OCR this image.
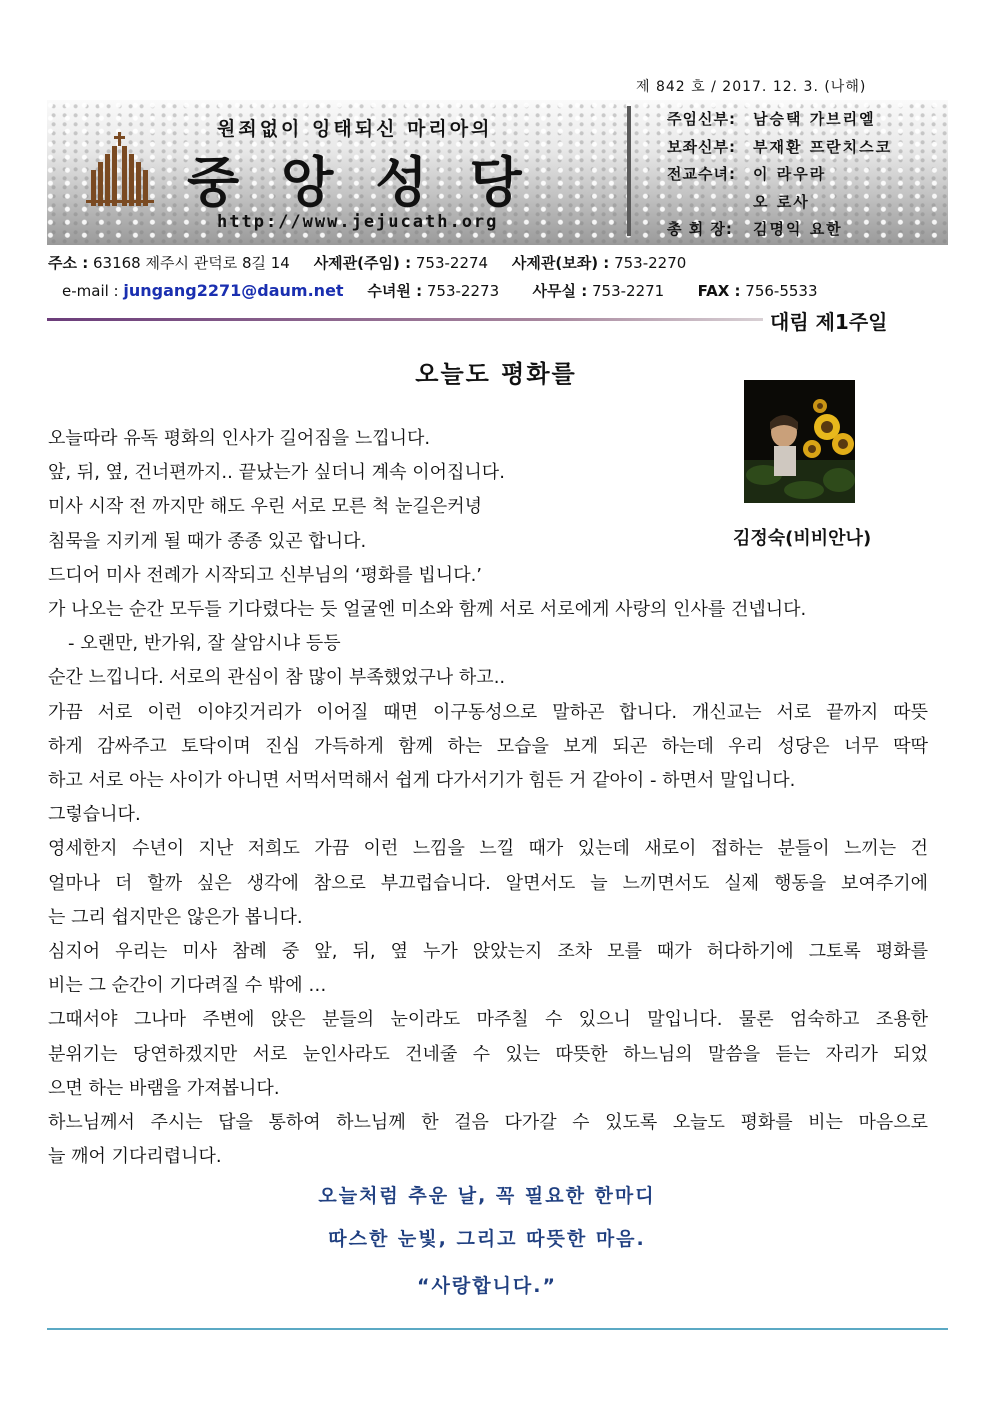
제 842 호 / 2017. 12. 3. (나해)
원죄없이 잉태되신 마리아의
중앙성당
http://www.jejucath.org
주임신부:	남승택 가브리엘
보좌신부:	부재환 프란치스코
전교수녀:	이 라우라
오 로사
총 회 장:	김명익 요한
주소 : 63168 제주시 관덕로 8길 14 사제관(주임) : 753-2274 사제관(보좌) : 753-2270
e-mail : jungang2271@daum.net 수녀원 : 753-2273 사무실 : 753-2271 FAX : 756-5533
대림 제1주일
오늘도 평화를
김정숙(비비안나)
오늘따라 유독 평화의 인사가 길어짐을 느낍니다.
앞, 뒤, 옆, 건너편까지.. 끝났는가 싶더니 계속 이어집니다.
미사 시작 전 까지만 해도 우린 서로 모른 척 눈길은커녕
침묵을 지키게 될 때가 종종 있곤 합니다.
드디어 미사 전례가 시작되고 신부님의 ‘평화를 빕니다.’
가 나오는 순간 모두들 기다렸다는 듯 얼굴엔 미소와 함께 서로 서로에게 사랑의 인사를 건넵니다.
- 오랜만, 반가워, 잘 살암시냐 등등
순간 느낍니다. 서로의 관심이 참 많이 부족했었구나 하고..
가끔 서로 이런 이야깃거리가 이어질 때면 이구동성으로 말하곤 합니다. 개신교는 서로 끝까지 따뜻
하게 감싸주고 토닥이며 진심 가득하게 함께 하는 모습을 보게 되곤 하는데 우리 성당은 너무 딱딱
하고 서로 아는 사이가 아니면 서먹서먹해서 쉽게 다가서기가 힘든 거 같아이 - 하면서 말입니다.
그렇습니다.
영세한지 수년이 지난 저희도 가끔 이런 느낌을 느낄 때가 있는데 새로이 접하는 분들이 느끼는 건
얼마나 더 할까 싶은 생각에 참으로 부끄럽습니다. 알면서도 늘 느끼면서도 실제 행동을 보여주기에
는 그리 쉽지만은 않은가 봅니다.
심지어 우리는 미사 참례 중 앞, 뒤, 옆 누가 앉았는지 조차 모를 때가 허다하기에 그토록 평화를
비는 그 순간이 기다려질 수 밖에 …
그때서야 그나마 주변에 앉은 분들의 눈이라도 마주칠 수 있으니 말입니다. 물론 엄숙하고 조용한
분위기는 당연하겠지만 서로 눈인사라도 건네줄 수 있는 따뜻한 하느님의 말씀을 듣는 자리가 되었
으면 하는 바램을 가져봅니다.
하느님께서 주시는 답을 통하여 하느님께 한 걸음 다가갈 수 있도록 오늘도 평화를 비는 마음으로
늘 깨어 기다리렵니다.
오늘처럼 추운 날, 꼭 필요한 한마디
따스한 눈빛, 그리고 따뜻한 마음.
“사랑합니다.”
